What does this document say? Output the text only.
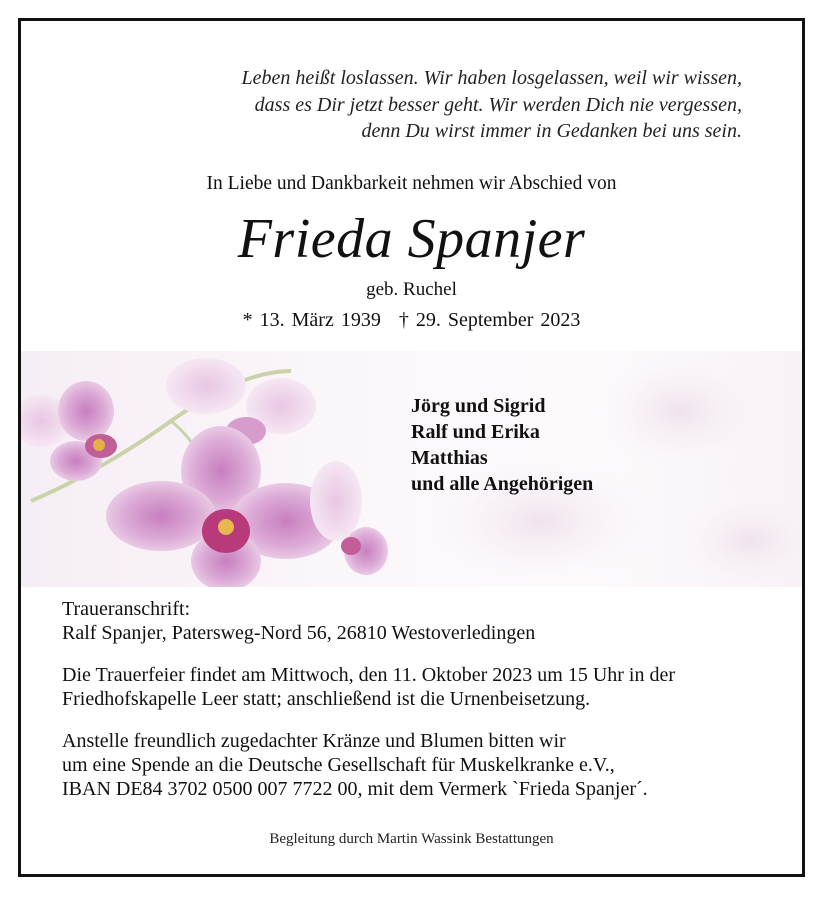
Leben heißt loslassen. Wir haben losgelassen, weil wir wissen,
dass es Dir jetzt besser geht. Wir werden Dich nie vergessen,
denn Du wirst immer in Gedanken bei uns sein.
In Liebe und Dankbarkeit nehmen wir Abschied von
Frieda Spanjer
geb. Ruchel
* 13. März 1939 † 29. September 2023
Jörg und Sigrid
Ralf und Erika
Matthias
und alle Angehörigen
Traueranschrift:
Ralf Spanjer, Patersweg-Nord 56, 26810 Westoverledingen
Die Trauerfeier findet am Mittwoch, den 11. Oktober 2023 um 15 Uhr in der
Friedhofskapelle Leer statt; anschließend ist die Urnenbeisetzung.
Anstelle freundlich zugedachter Kränze und Blumen bitten wir
um eine Spende an die Deutsche Gesellschaft für Muskelkranke e.V.,
IBAN DE84 3702 0500 007 7722 00, mit dem Vermerk `Frieda Spanjer´.
Begleitung durch Martin Wassink Bestattungen
